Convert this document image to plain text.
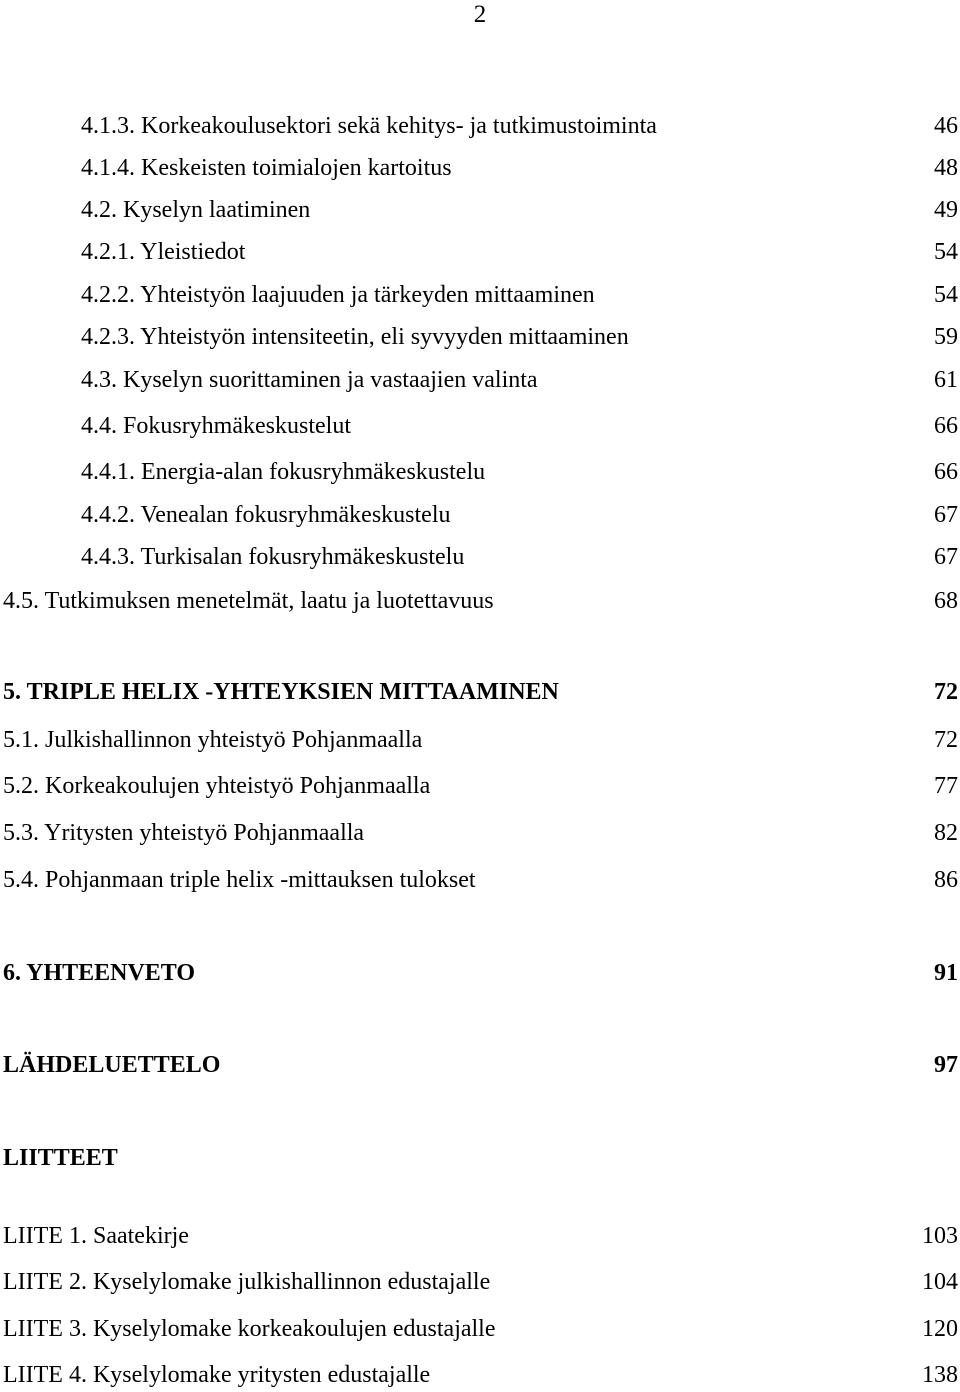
2
4.1.3. Korkeakoulusektori sekä kehitys- ja tutkimustoiminta	46
4.1.4. Keskeisten toimialojen kartoitus	48
4.2. Kyselyn laatiminen	49
4.2.1. Yleistiedot	54
4.2.2. Yhteistyön laajuuden ja tärkeyden mittaaminen	54
4.2.3. Yhteistyön intensiteetin, eli syvyyden mittaaminen	59
4.3. Kyselyn suorittaminen ja vastaajien valinta	61
4.4. Fokusryhmäkeskustelut	66
4.4.1. Energia-alan fokusryhmäkeskustelu	66
4.4.2. Venealan fokusryhmäkeskustelu	67
4.4.3. Turkisalan fokusryhmäkeskustelu	67
4.5. Tutkimuksen menetelmät, laatu ja luotettavuus	68
5. TRIPLE HELIX -YHTEYKSIEN MITTAAMINEN	72
5.1. Julkishallinnon yhteistyö Pohjanmaalla	72
5.2. Korkeakoulujen yhteistyö Pohjanmaalla	77
5.3. Yritysten yhteistyö Pohjanmaalla	82
5.4. Pohjanmaan triple helix -mittauksen tulokset	86
6. YHTEENVETO	91
LÄHDELUETTELO	97
LIITTEET
LIITE 1. Saatekirje	103
LIITE 2. Kyselylomake julkishallinnon edustajalle	104
LIITE 3. Kyselylomake korkeakoulujen edustajalle	120
LIITE 4. Kyselylomake yritysten edustajalle	138
